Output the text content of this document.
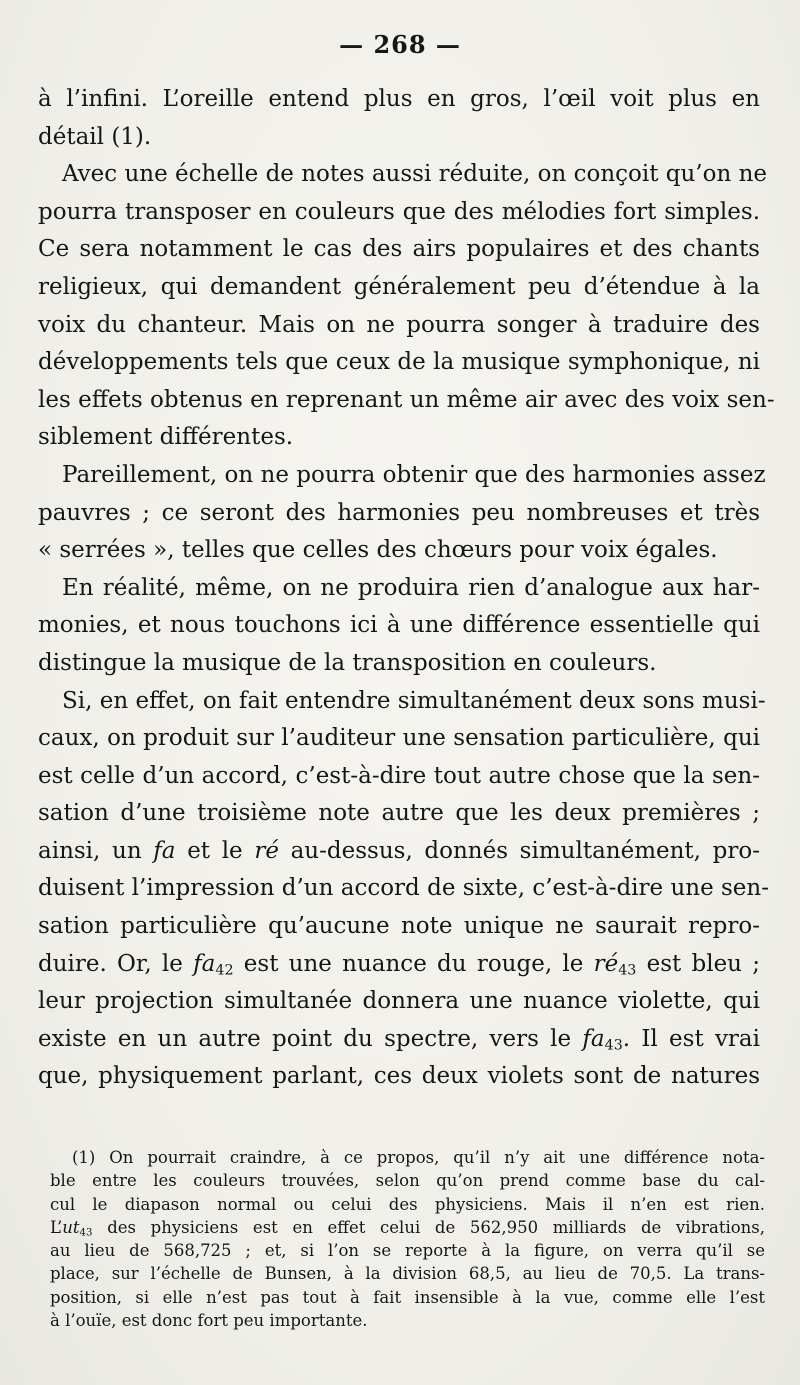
— 268 —
à l’infini. L’oreille entend plus en gros, l’œil voit plus en
détail (1).
Avec une échelle de notes aussi réduite, on conçoit qu’on ne
pourra transposer en couleurs que des mélodies fort simples.
Ce sera notamment le cas des airs populaires et des chants
religieux, qui demandent généralement peu d’étendue à la
voix du chanteur. Mais on ne pourra songer à traduire des
développements tels que ceux de la musique symphonique, ni
les effets obtenus en reprenant un même air avec des voix sen-
siblement différentes.
Pareillement, on ne pourra obtenir que des harmonies assez
pauvres ; ce seront des harmonies peu nombreuses et très
« serrées », telles que celles des chœurs pour voix égales.
En réalité, même, on ne produira rien d’analogue aux har-
monies, et nous touchons ici à une différence essentielle qui
distingue la musique de la transposition en couleurs.
Si, en effet, on fait entendre simultanément deux sons musi-
caux, on produit sur l’auditeur une sensation particulière, qui
est celle d’un accord, c’est-à-dire tout autre chose que la sen-
sation d’une troisième note autre que les deux premières ;
ainsi, un fa et le ré au-dessus, donnés simultanément, pro-
duisent l’impression d’un accord de sixte, c’est-à-dire une sen-
sation particulière qu’aucune note unique ne saurait repro-
duire. Or, le $fa_{42}$ est une nuance du rouge, le $ré_{43}$ est bleu ;
leur projection simultanée donnera une nuance violette, qui
existe en un autre point du spectre, vers le $fa_{43}$. Il est vrai
que, physiquement parlant, ces deux violets sont de natures
(1) On pourrait craindre, à ce propos, qu’il n’y ait une différence nota-
ble entre les couleurs trouvées, selon qu’on prend comme base du cal-
cul le diapason normal ou celui des physiciens. Mais il n’en est rien.
$L’ut_{43}$ des physiciens est en effet celui de 562,950 milliards de vibrations,
au lieu de 568,725 ; et, si l’on se reporte à la figure, on verra qu’il se
place, sur l’échelle de Bunsen, à la division 68,5, au lieu de 70,5. La trans-
position, si elle n’est pas tout à fait insensible à la vue, comme elle l’est
à l’ouïe, est donc fort peu importante.
